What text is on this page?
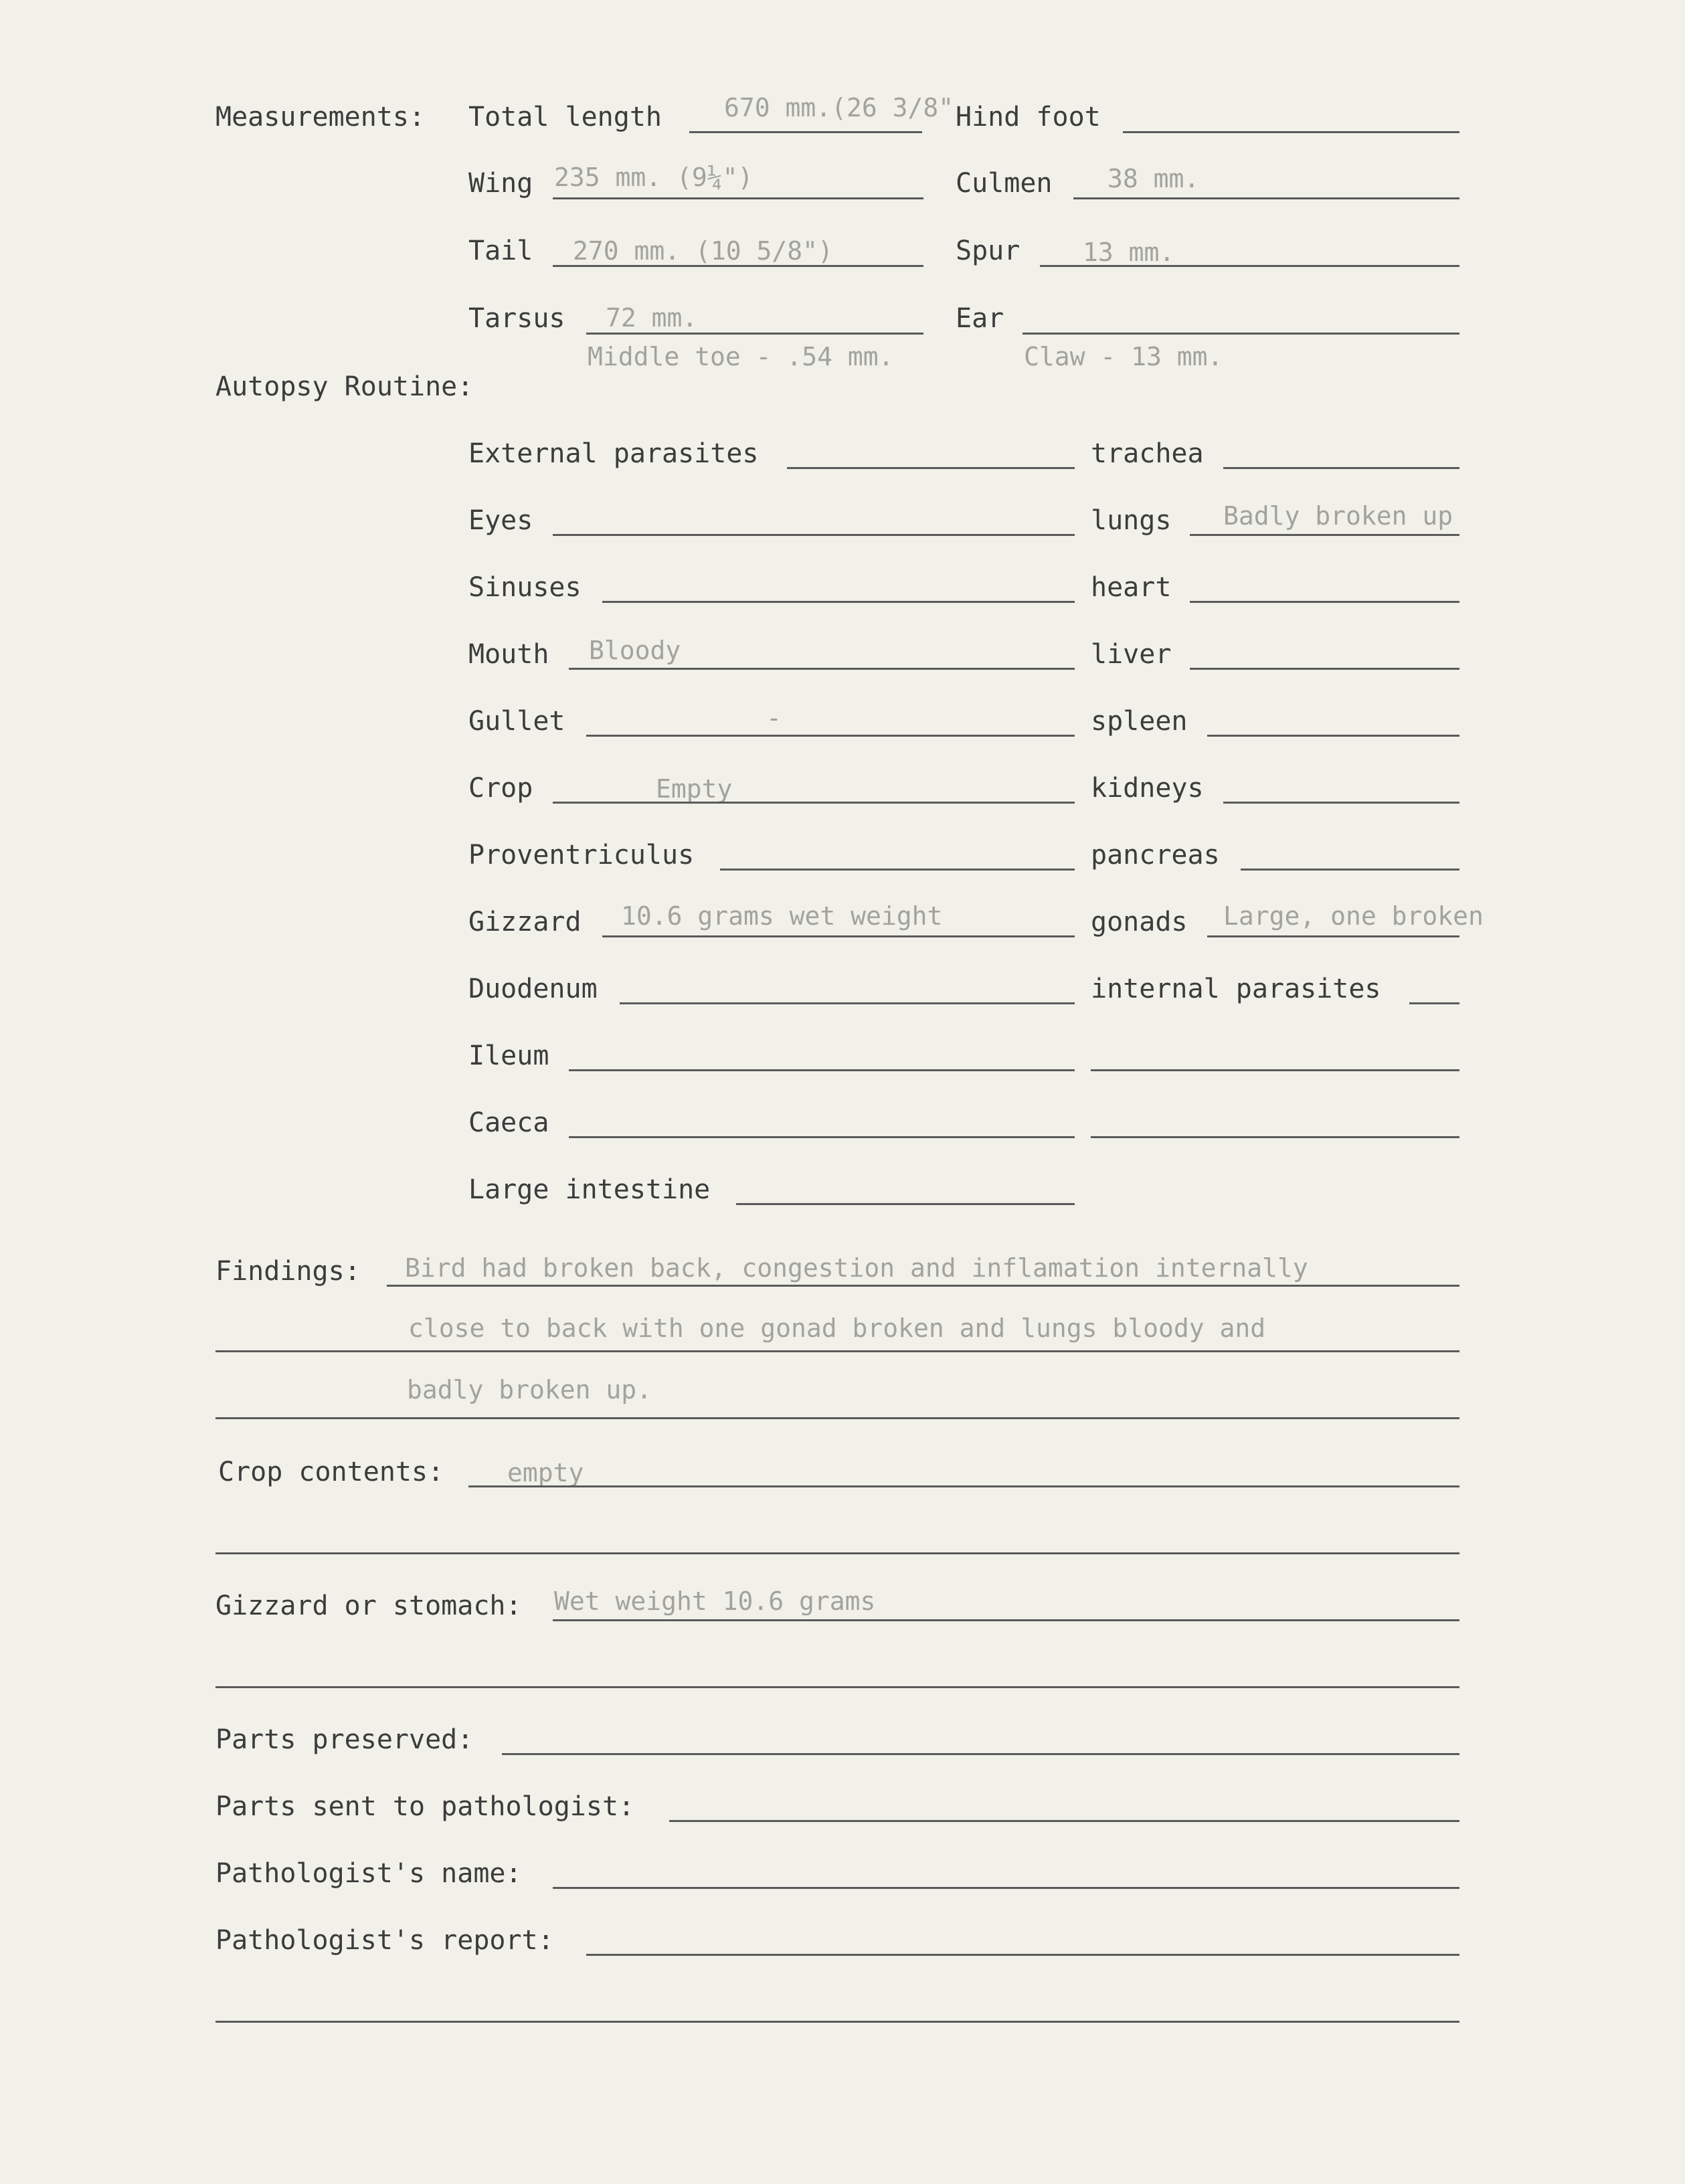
Measurements: Total length 670 mm.(26 3/8" Hind foot
Wing 235 mm. (9¼")	Culmen 38 mm.
Tail 270 mm. (10 5/8")	Spur 13 mm.
Tarsus 72 mm.	Ear
Middle toe - .54 mm.	Claw - 13 mm.
Autopsy Routine:
External parasites	trachea
Eyes	lungs Badly broken up
Sinuses	heart
Mouth Bloody	liver
Gullet	-	spleen
Crop	Empty	kidneys
Proventriculus	pancreas
Gizzard 10.6 grams wet weight	gonads Large, one broken
Duodenum	internal parasites
Ileum
Caeca
Large intestine
Findings: Bird had broken back, congestion and inflamation internally
close to back with one gonad broken and lungs bloody and
badly broken up.
Crop contents: empty
Gizzard or stomach: Wet weight 10.6 grams
Parts preserved:
Parts sent to pathologist:
Pathologist's name:
Pathologist's report:
